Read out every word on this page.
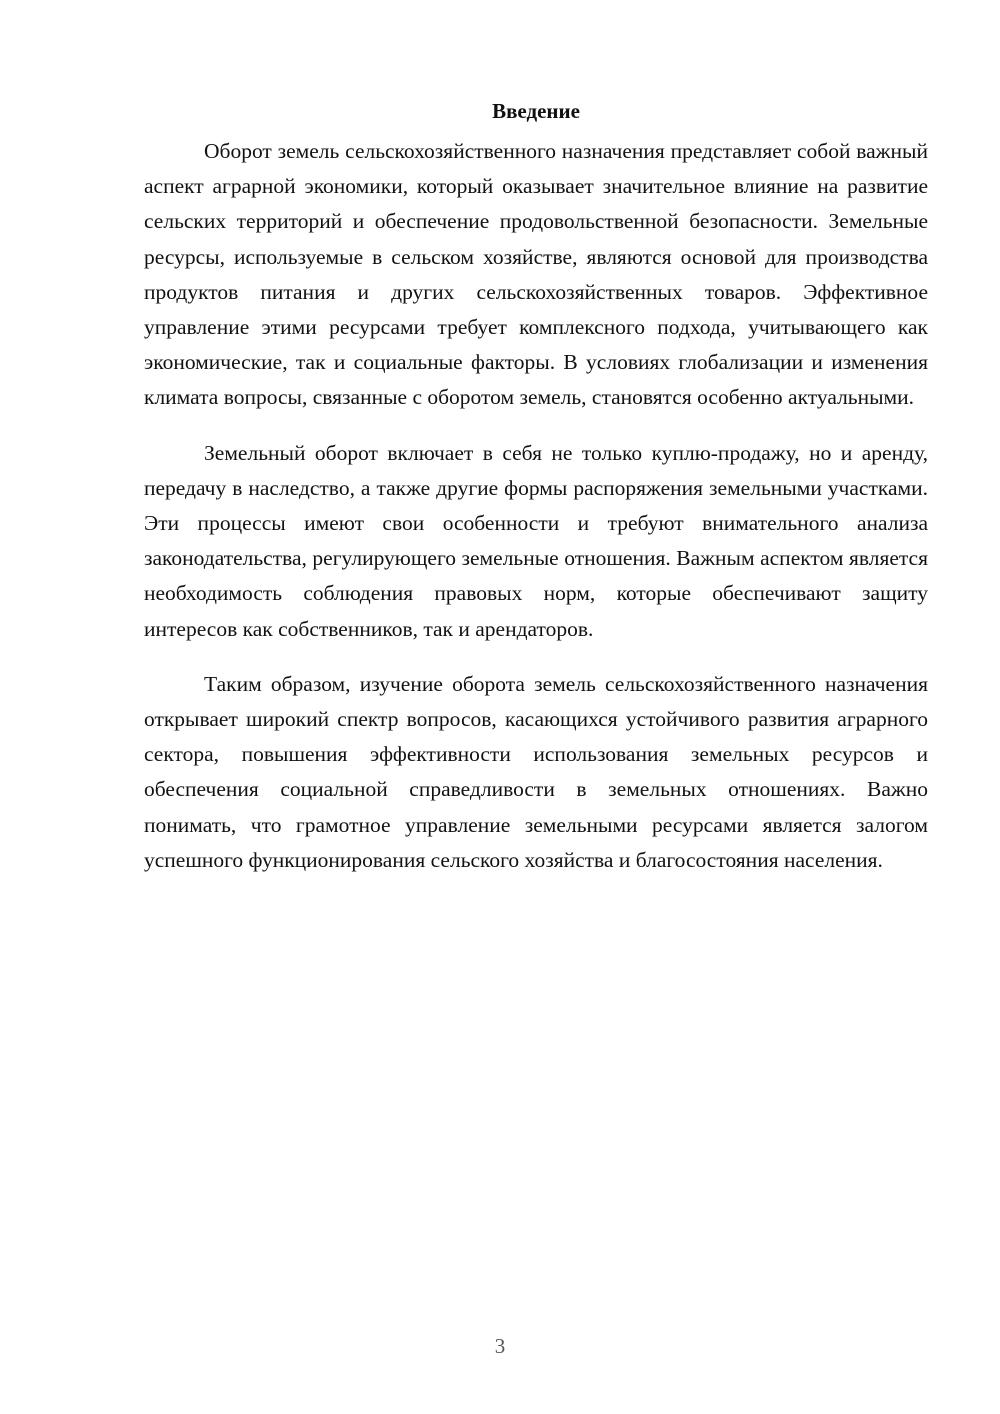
Введение

Оборот земель сельскохозяйственного назначения представляет собой важный аспект аграрной экономики, который оказывает значительное влияние на развитие сельских территорий и обеспечение продовольственной безопасности. Земельные ресурсы, используемые в сельском хозяйстве, являются основой для производства продуктов питания и других сельскохозяйственных товаров. Эффективное управление этими ресурсами требует комплексного подхода, учитывающего как экономические, так и социальные факторы. В условиях глобализации и изменения климата вопросы, связанные с оборотом земель, становятся особенно актуальными.

Земельный оборот включает в себя не только куплю-продажу, но и аренду, передачу в наследство, а также другие формы распоряжения земельными участками. Эти процессы имеют свои особенности и требуют внимательного анализа законодательства, регулирующего земельные отношения. Важным аспектом является необходимость соблюдения правовых норм, которые обеспечивают защиту интересов как собственников, так и арендаторов.

Таким образом, изучение оборота земель сельскохозяйственного назначения открывает широкий спектр вопросов, касающихся устойчивого развития аграрного сектора, повышения эффективности использования земельных ресурсов и обеспечения социальной справедливости в земельных отношениях. Важно понимать, что грамотное управление земельными ресурсами является залогом успешного функционирования сельского хозяйства и благосостояния населения.

3
